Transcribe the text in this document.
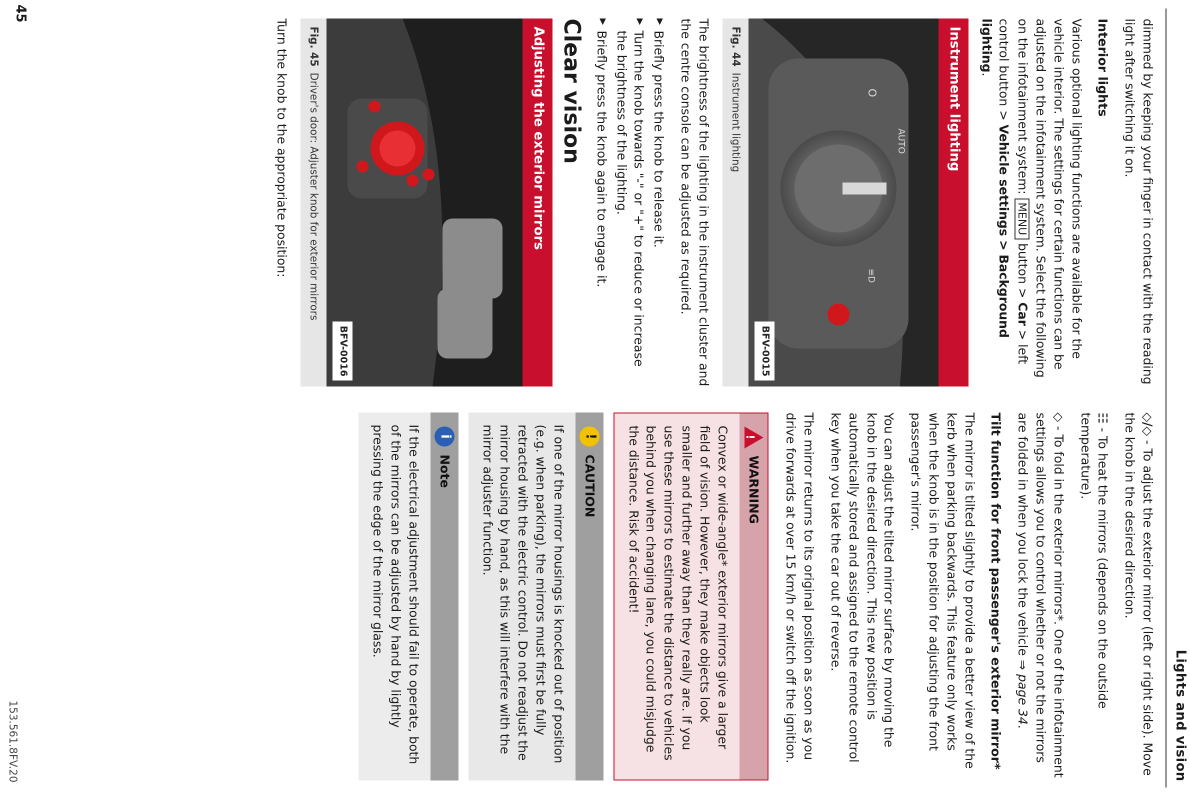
Lights and vision

dimmed by keeping your finger in contact with the reading light after switching it on.

Interior lights

Various optional lighting functions are available for the vehicle interior. The settings for certain functions can be adjusted on the infotainment system. Select the following on the infotainment system: MENU button > Car > left control button > Vehicle settings > Background lighting.

Instrument lighting
O
AUTO
≡D
BFV-0015
Fig. 44Instrument lighting

The brightness of the lighting in the instrument cluster and the centre console can be adjusted as required.

▶ Briefly press the knob to release it.
▶ Turn the knob towards "-" or "+" to reduce or increase the brightness of the lighting.
▶ Briefly press the knob again to engage it.
Clear vision
Adjusting the exterior mirrors
BFV-0016
Fig. 45Driver's door: Adjuster knob for exterior mirrors

Turn the knob to the appropriate position:

◇/◇ - To adjust the exterior mirror (left or right side). Move the knob in the desired direction.

☷ - To heat the mirrors (depends on the outside temperature).

◇ - To fold in the exterior mirrors*. One of the infotainment settings allows you to control whether or not the mirrors are folded in when you lock the vehicle ⇒ page 34.

Tilt function for front passenger's exterior mirror*

The mirror is tilted slightly to provide a better view of the kerb when parking backwards. This feature only works when the knob is in the position for adjusting the front passenger's mirror.

You can adjust the tilted mirror surface by moving the knob in the desired direction. This new position is automatically stored and assigned to the remote control key when you take the car out of reverse.

The mirror returns to its original position as soon as you drive forwards at over 15 km/h or switch off the ignition.

!
WARNING
Convex or wide-angle* exterior mirrors give a larger field of vision. However, they make objects look smaller and further away than they really are. If you use these mirrors to estimate the distance to vehicles behind you when changing lane, you could misjudge the distance. Risk of accident!
!
CAUTION
If one of the mirror housings is knocked out of position (e.g. when parking), the mirrors must first be fully retracted with the electric control. Do not readjust the mirror housing by hand, as this will interfere with the mirror adjuster function.
i
Note
If the electrical adjustment should fail to operate, both of the mirrors can be adjusted by hand by lightly pressing the edge of the mirror glass.
45
153.561.8FV.20
